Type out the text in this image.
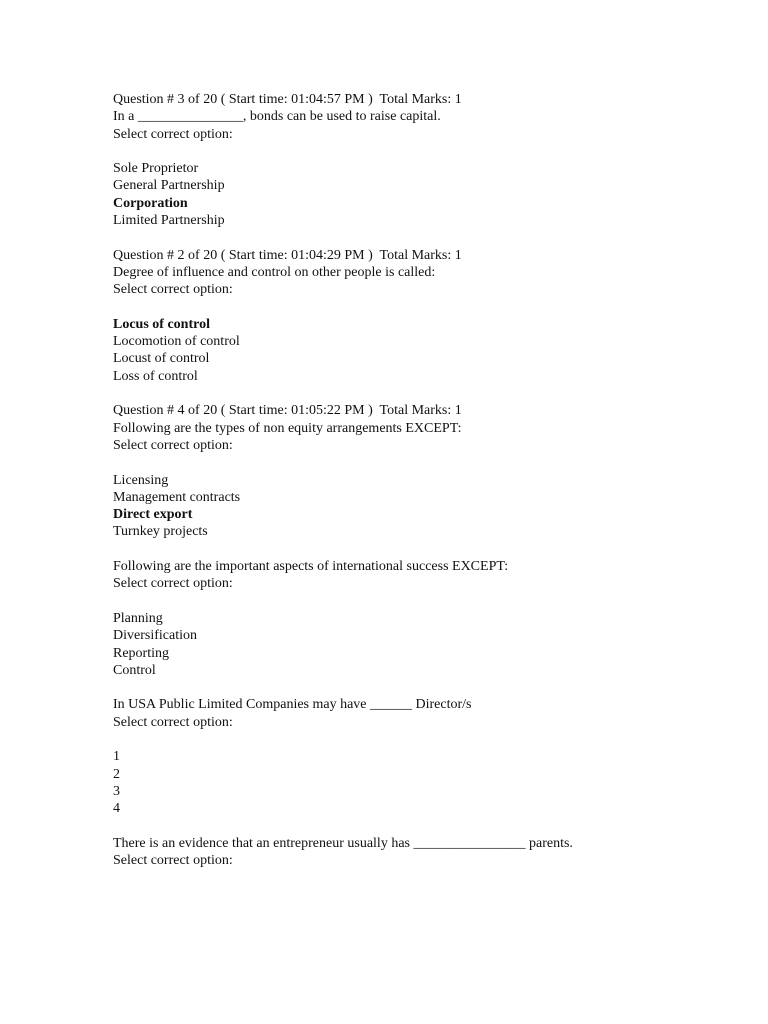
Question # 3 of 20 ( Start time: 01:04:57 PM )  Total Marks: 1
In a _______________, bonds can be used to raise capital.
Select correct option:
Sole Proprietor
General Partnership
Corporation
Limited Partnership
Question # 2 of 20 ( Start time: 01:04:29 PM )  Total Marks: 1
Degree of influence and control on other people is called:
Select correct option:
Locus of control
Locomotion of control
Locust of control
Loss of control
Question # 4 of 20 ( Start time: 01:05:22 PM )  Total Marks: 1
Following are the types of non equity arrangements EXCEPT:
Select correct option:
Licensing
Management contracts
Direct export
Turnkey projects
Following are the important aspects of international success EXCEPT:
Select correct option:
Planning
Diversification
Reporting
Control
In USA Public Limited Companies may have ______ Director/s
Select correct option:
1
2
3
4
There is an evidence that an entrepreneur usually has ________________ parents.
Select correct option:
